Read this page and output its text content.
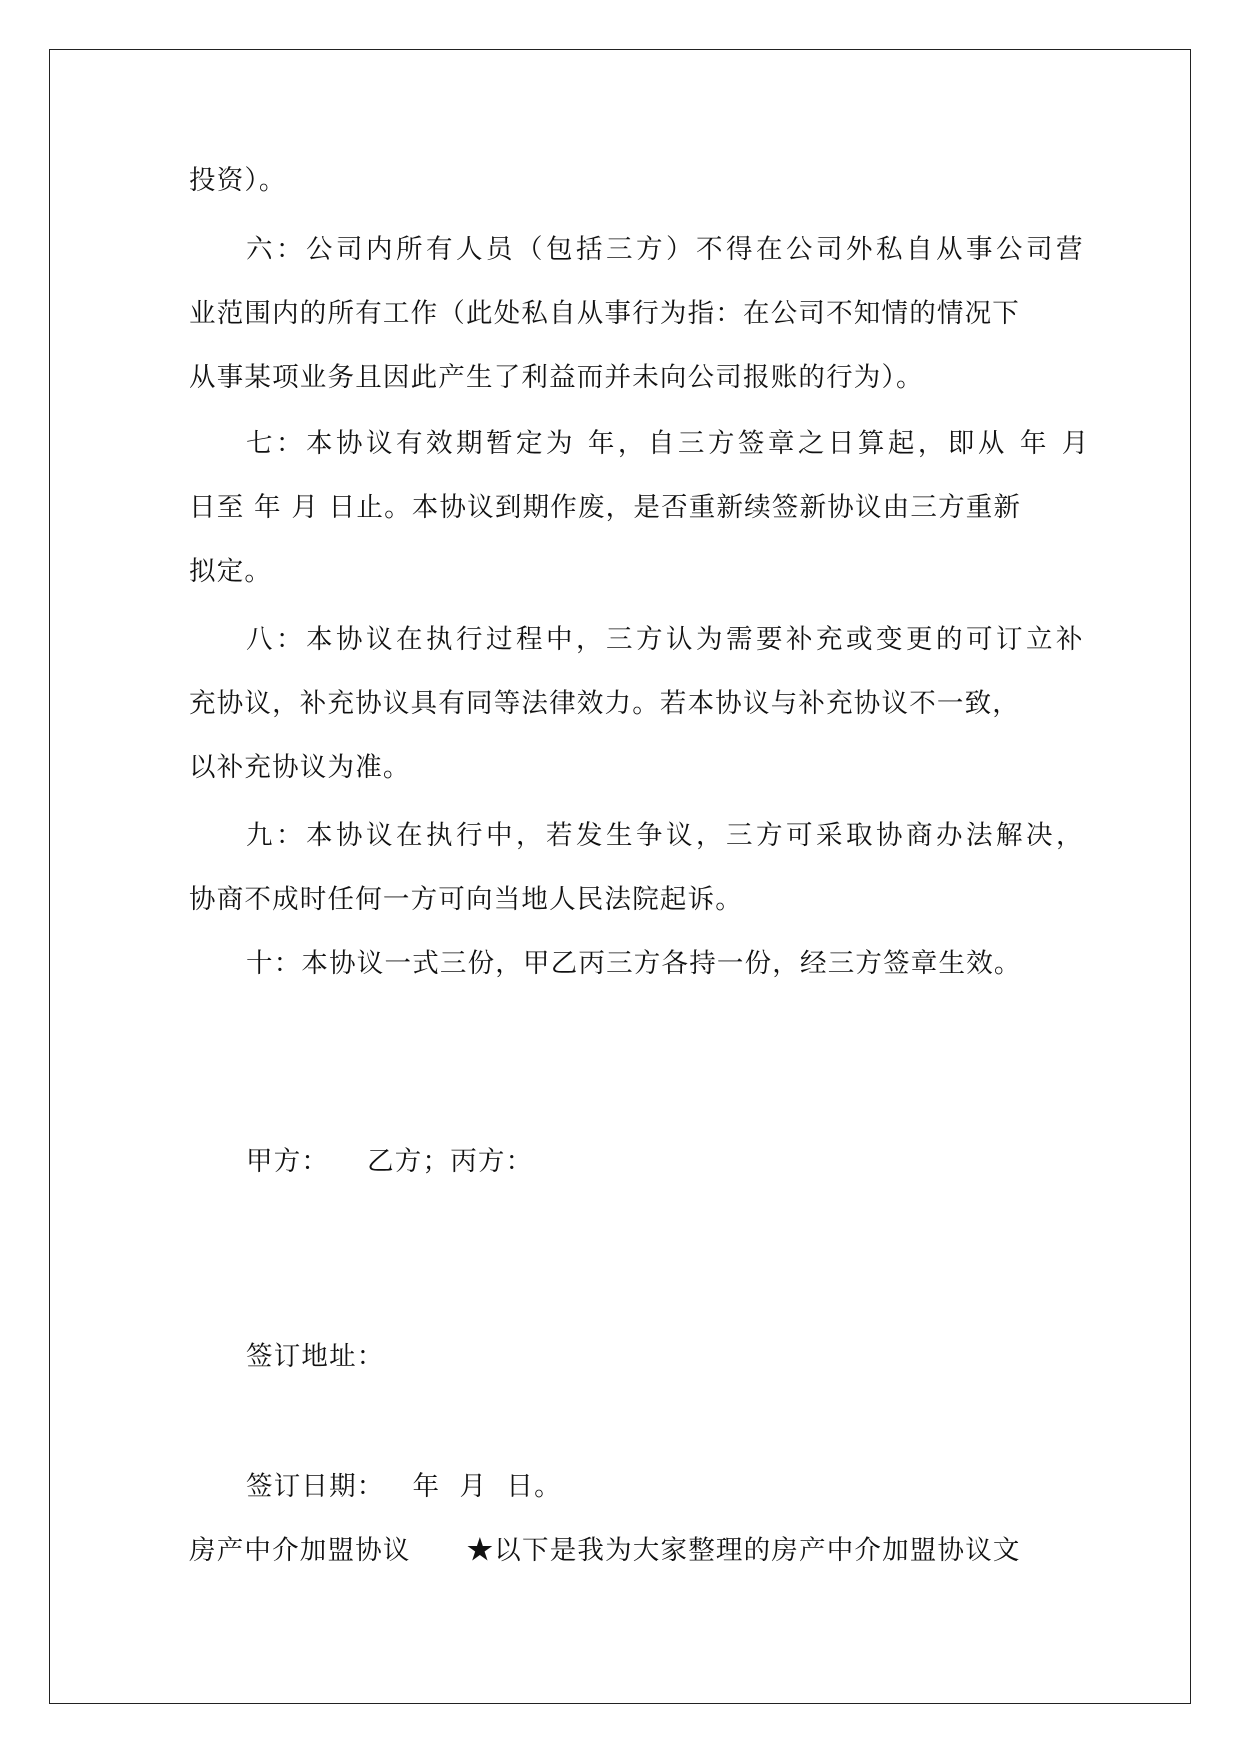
投资）。
六：公司内所有人员（包括三方）不得在公司外私自从事公司营
业范围内的所有工作（此处私自从事行为指：在公司不知情的情况下
从事某项业务且因此产生了利益而并未向公司报账的行为）。
七：本协议有效期暂定为 年，自三方签章之日算起，即从 年 月
日至 年 月 日止。本协议到期作废，是否重新续签新协议由三方重新
拟定。
八：本协议在执行过程中，三方认为需要补充或变更的可订立补
充协议，补充协议具有同等法律效力。若本协议与补充协议不一致，
以补充协议为准。
九：本协议在执行中，若发生争议，三方可采取协商办法解决，
协商不成时任何一方可向当地人民法院起诉。
十：本协议一式三份，甲乙丙三方各持一份，经三方签章生效。
甲方： 乙方；丙方：
签订地址：
签订日期： 年  月  日。
房产中介加盟协议 ★以下是我为大家整理的房产中介加盟协议文
